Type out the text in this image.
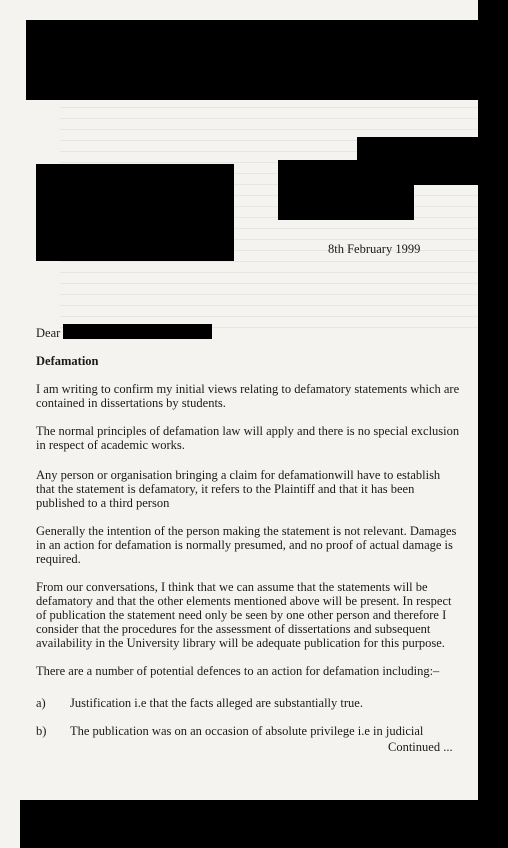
8th February 1999

Dear

Defamation

I am writing to confirm my initial views relating to defamatory statements which are contained in dissertations by students.

The normal principles of defamation law will apply and there is no special exclusion in respect of academic works.

Any person or organisation bringing a claim for defamationwill have to establish that the statement is defamatory, it refers to the Plaintiff and that it has been published to a third person

Generally the intention of the person making the statement is not relevant. Damages in an action for defamation is normally presumed, and no proof of actual damage is required.

From our conversations, I think that we can assume that the statements will be defamatory and that the other elements mentioned above will be present. In respect of publication the statement need only be seen by one other person and therefore I consider that the procedures for the assessment of dissertations and subsequent availability in the University library will be adequate publication for this purpose.

There are a number of potential defences to an action for defamation including:–

a) Justification i.e that the facts alleged are substantially true.

b) The publication was on an occasion of absolute privilege i.e in judicial

Continued ...
